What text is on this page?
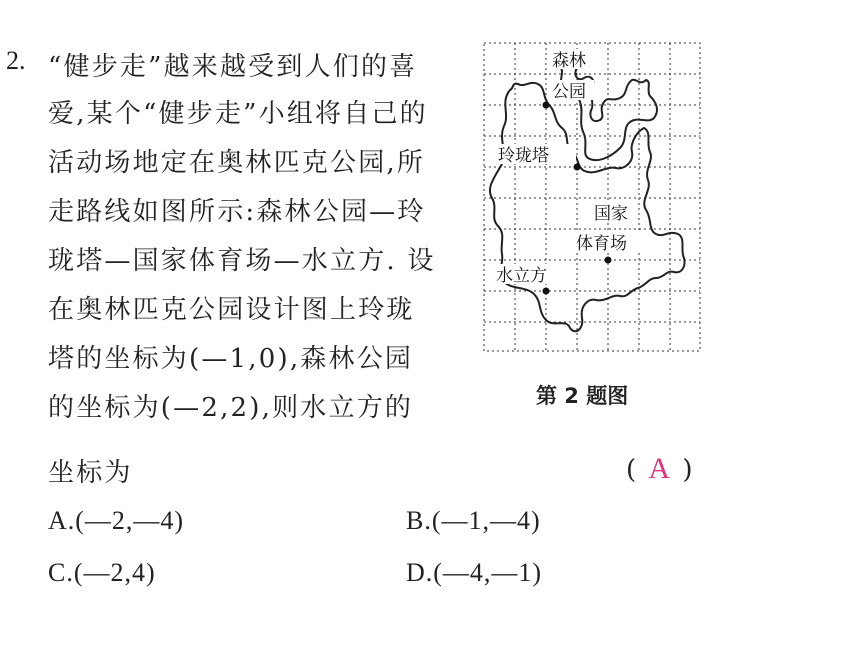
2. “健步走”越来越受到人们的喜
爱,某个“健步走”小组将自己的
活动场地定在奥林匹克公园,所
走路线如图所示:森林公园—玲
珑塔—国家体育场—水立方. 设
在奥林匹克公园设计图上玲珑
塔的坐标为(—1,0),森林公园
的坐标为(—2,2),则水立方的
坐标为	( A )
A.(—2,—4)	B.(—1,—4)
C.(—2,4)	D.(—4,—1)
森林
公园
玲珑塔
国家
体育场
水立方
第 2 题图
